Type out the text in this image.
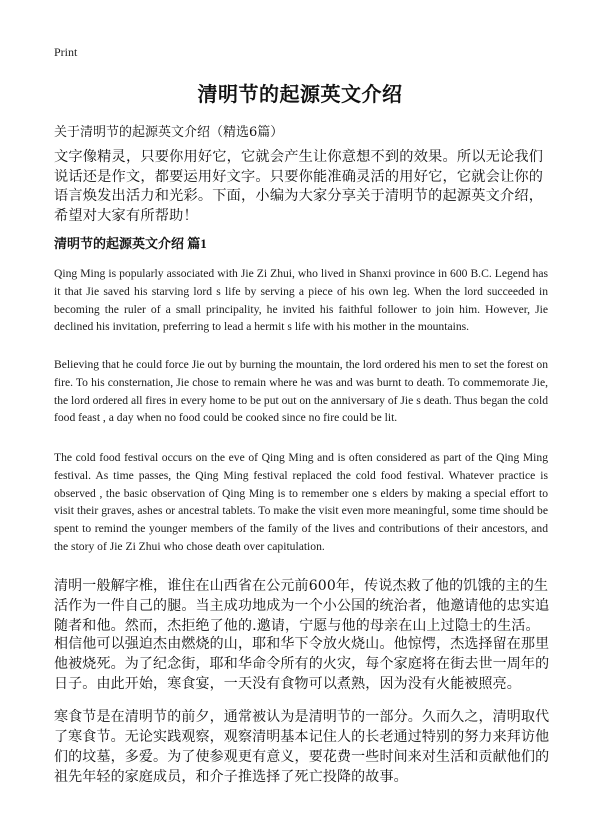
Print
清明节的起源英文介绍
关于清明节的起源英文介绍（精选6篇）
文字像精灵，只要你用好它，它就会产生让你意想不到的效果。所以无论我们说话还是作文，都要运用好文字。只要你能准确灵活的用好它，它就会让你的语言焕发出活力和光彩。下面，小编为大家分享关于清明节的起源英文介绍，希望对大家有所帮助！
清明节的起源英文介绍 篇1
Qing Ming is popularly associated with Jie Zi Zhui, who lived in Shanxi province in 600 B.C. Legend has it that Jie saved his starving lord s life by serving a piece of his own leg. When the lord succeeded in becoming the ruler of a small principality, he invited his faithful follower to join him. However, Jie declined his invitation, preferring to lead a hermit s life with his mother in the mountains.
Believing that he could force Jie out by burning the mountain, the lord ordered his men to set the forest on fire. To his consternation, Jie chose to remain where he was and was burnt to death. To commemorate Jie, the lord ordered all fires in every home to be put out on the anniversary of Jie s death. Thus began the cold food feast , a day when no food could be cooked since no fire could be lit.
The cold food festival occurs on the eve of Qing Ming and is often considered as part of the Qing Ming festival. As time passes, the Qing Ming festival replaced the cold food festival. Whatever practice is observed , the basic observation of Qing Ming is to remember one s elders by making a special effort to visit their graves, ashes or ancestral tablets. To make the visit even more meaningful, some time should be spent to remind the younger members of the family of the lives and contributions of their ancestors, and the story of Jie Zi Zhui who chose death over capitulation.
清明一般解字椎，谁住在山西省在公元前600年，传说杰救了他的饥饿的主的生活作为一件自己的腿。当主成功地成为一个小公国的统治者，他邀请他的忠实追随者和他。然而，杰拒绝了他的.邀请，宁愿与他的母亲在山上过隐士的生活。
相信他可以强迫杰由燃烧的山，耶和华下令放火烧山。他惊愕，杰选择留在那里他被烧死。为了纪念街，耶和华命令所有的火灾，每个家庭将在街去世一周年的日子。由此开始，寒食宴，一天没有食物可以煮熟，因为没有火能被照亮。
寒食节是在清明节的前夕，通常被认为是清明节的一部分。久而久之，清明取代了寒食节。无论实践观察，观察清明基本记住人的长老通过特别的努力来拜访他们的坟墓，多爱。为了使参观更有意义，要花费一些时间来对生活和贡献他们的祖先年轻的家庭成员，和介子推选择了死亡投降的故事。
